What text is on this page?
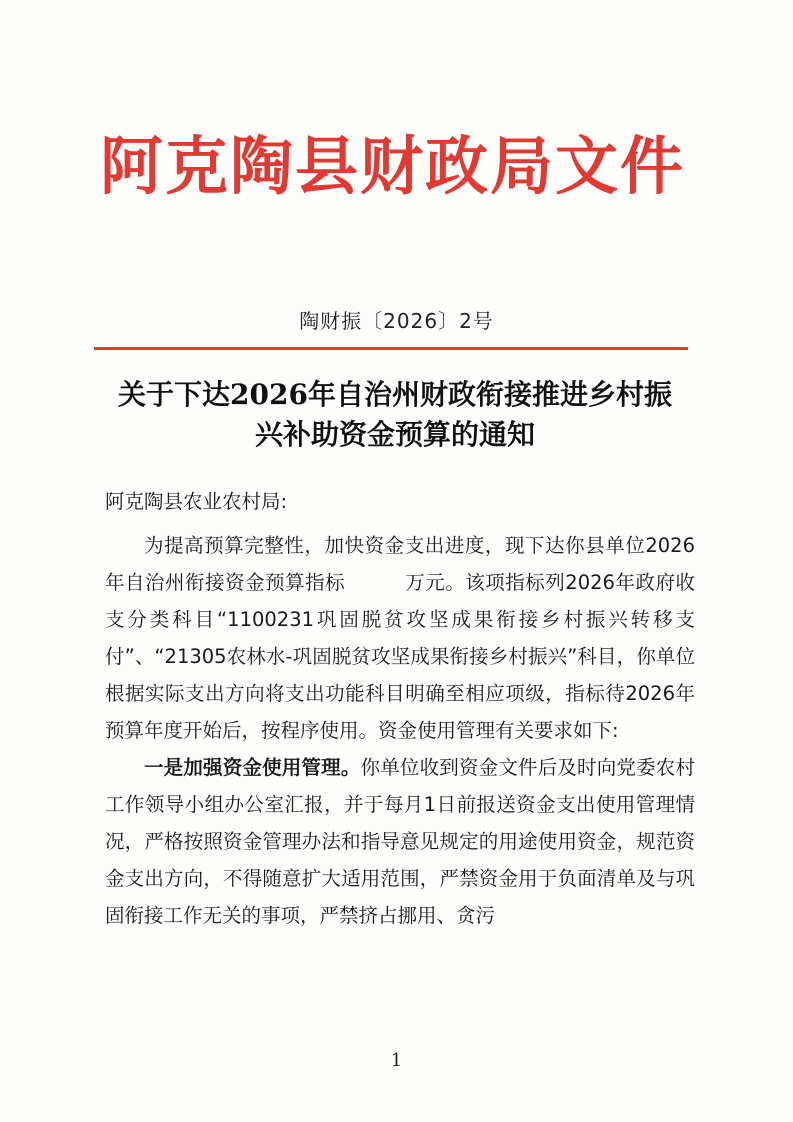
阿克陶县财政局文件
陶财振〔2026〕2号
关于下达2026年自治州财政衔接推进乡村振
兴补助资金预算的通知

阿克陶县农业农村局:

为提高预算完整性，加快资金支出进度，现下达你县单位2026年自治州衔接资金预算指标　　　万元。该项指标列2026年政府收支分类科目“1100231巩固脱贫攻坚成果衔接乡村振兴转移支付”、“21305农林水-巩固脱贫攻坚成果衔接乡村振兴”科目，你单位根据实际支出方向将支出功能科目明确至相应项级，指标待2026年预算年度开始后，按程序使用。资金使用管理有关要求如下:

一是加强资金使用管理。你单位收到资金文件后及时向党委农村工作领导小组办公室汇报，并于每月1日前报送资金支出使用管理情况，严格按照资金管理办法和指导意见规定的用途使用资金，规范资金支出方向，不得随意扩大适用范围，严禁资金用于负面清单及与巩固衔接工作无关的事项，严禁挤占挪用、贪污

1
